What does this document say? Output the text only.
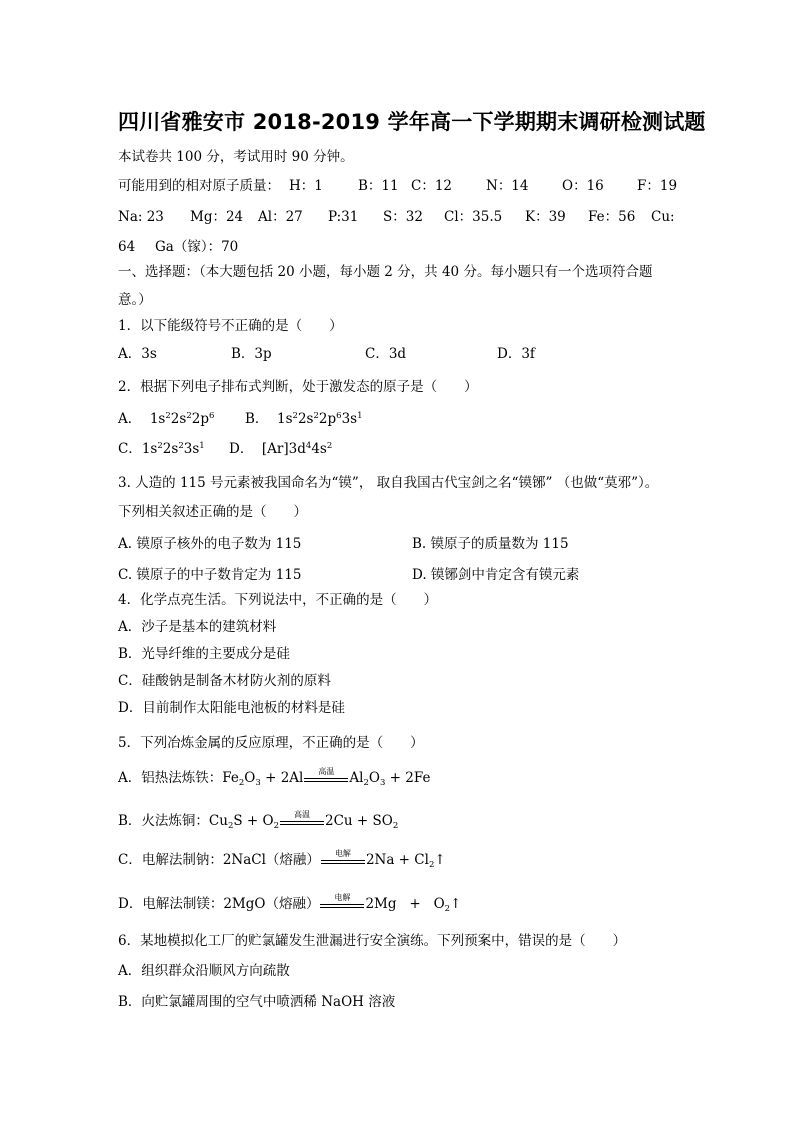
四川省雅安市 2018-2019 学年高一下学期期末调研检测试题
本试卷共 100 分，考试用时 90 分钟。
可能用到的相对原子质量： H：1	B：11 C：12	N：14 O：16 F：19
Na: 23 Mg：24 Al：27 P:31 S：32 Cl：35.5 K：39 Fe：56 Cu:
64 Ga（镓）：70
一、选择题：（本大题包括 20 小题，每小题 2 分，共 40 分。每小题只有一个选项符合题
意。）
1．以下能级符号不正确的是（　　）
A．3s	B．3p	C．3d	D．3f
2．根据下列电子排布式判断，处于激发态的原子是（　　）
A．  $1s^22s^22p^6$ B．  $1s^22s^22p^63s^1$
C．$1s^22s^23s^1$ D．  $[Ar]3d^44s^2$
3. 人造的 115 号元素被我国命名为“镆”， 取自我国古代宝剑之名“镆铘” （也做“莫邪”）。
下列相关叙述正确的是（　　）
A. 镆原子核外的电子数为 115	B. 镆原子的质量数为 115
C. 镆原子的中子数肯定为 115	D. 镆铘剑中肯定含有镆元素
4．化学点亮生活。下列说法中，不正确的是（　　）
A．沙子是基本的建筑材料
B．光导纤维的主要成分是硅
C．硅酸钠是制备木材防火剂的原料
D．目前制作太阳能电池板的材料是硅
5．下列冶炼金属的反应原理，不正确的是（　　）
A．铝热法炼铁：$Fe_2O_3 + 2Al$	高温	$Al_2O_3 + 2Fe$
B．火法炼铜：$Cu_2S + O_2$
高温	$2Cu + SO_2$
C．电解法制钠：2NaCl（熔融）	电解	$2Na + Cl_2↑$
D．电解法制镁：2MgO（熔融）	电解	$2Mg + O_2↑$
6．某地模拟化工厂的贮氯罐发生泄漏进行安全演练。下列预案中，错误的是（　　）
A．组织群众沿顺风方向疏散
B．向贮氯罐周围的空气中喷洒稀 NaOH 溶液
